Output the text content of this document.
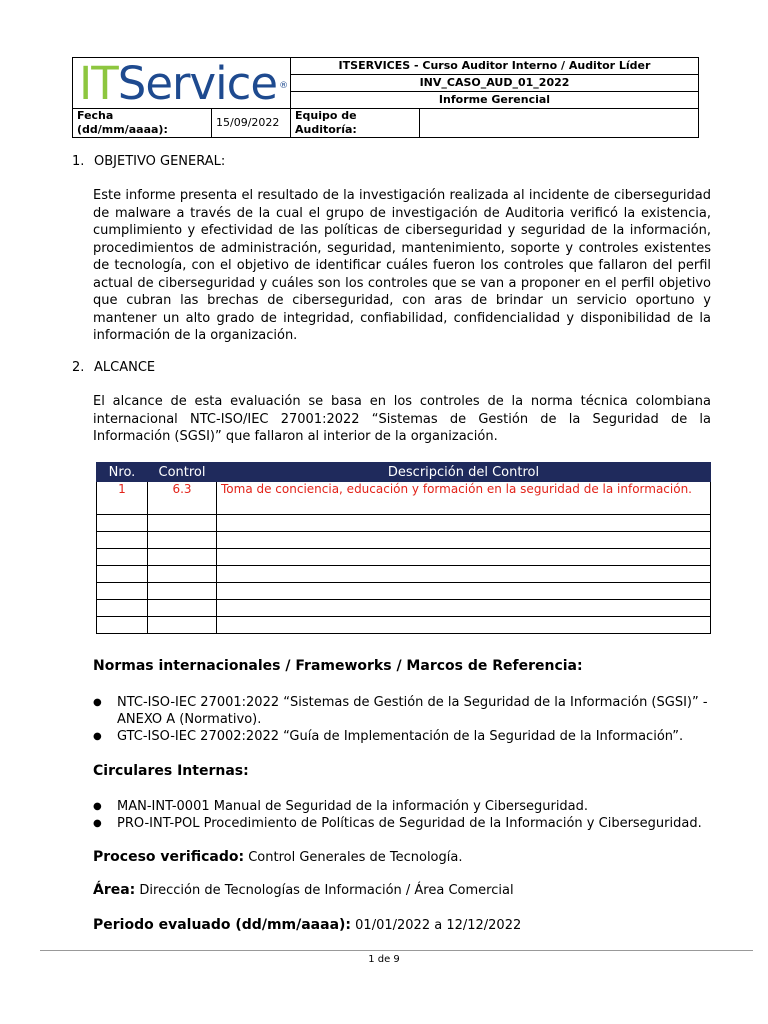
ITService ®		ITSERVICES - Curso Auditor Interno / Auditor Líder	
		INV_CASO_AUD_01_2022	
		Informe Gerencial	
Fecha (dd/mm/aaaa):	15/09/2022	Equipo de Auditoría:	
1. OBJETIVO GENERAL:

Este informe presenta el resultado de la investigación realizada al incidente de ciberseguridad de malware a través de la cual el grupo de investigación de Auditoria verificó la existencia, cumplimiento y efectividad de las políticas de ciberseguridad y seguridad de la información, procedimientos de administración, seguridad, mantenimiento, soporte y controles existentes de tecnología, con el objetivo de identificar cuáles fueron los controles que fallaron del perfil actual de ciberseguridad y cuáles son los controles que se van a proponer en el perfil objetivo que cubran las brechas de ciberseguridad, con aras de brindar un servicio oportuno y mantener un alto grado de integridad, confiabilidad, confidencialidad y disponibilidad de la información de la organización.

2. ALCANCE

El alcance de esta evaluación se basa en los controles de la norma técnica colombiana internacional NTC-ISO/IEC 27001:2022 “Sistemas de Gestión de la Seguridad de la Información (SGSI)” que fallaron al interior de la organización.

Nro.	Control	Descripción del Control
1	6.3	Toma de conciencia, educación y formación en la seguridad de la información.

Normas internacionales / Frameworks / Marcos de Referencia:
● NTC-ISO-IEC 27001:2022 “Sistemas de Gestión de la Seguridad de la Información (SGSI)” - ANEXO A (Normativo).
● GTC-ISO-IEC 27002:2022 “Guía de Implementación de la Seguridad de la Información”.
Circulares Internas:
● MAN-INT-0001 Manual de Seguridad de la información y Ciberseguridad.
● PRO-INT-POL Procedimiento de Políticas de Seguridad de la Información y Ciberseguridad.
Proceso verificado: Control Generales de Tecnología.
Área: Dirección de Tecnologías de Información / Área Comercial
Periodo evaluado (dd/mm/aaaa): 01/01/2022 a 12/12/2022
1 de 9
